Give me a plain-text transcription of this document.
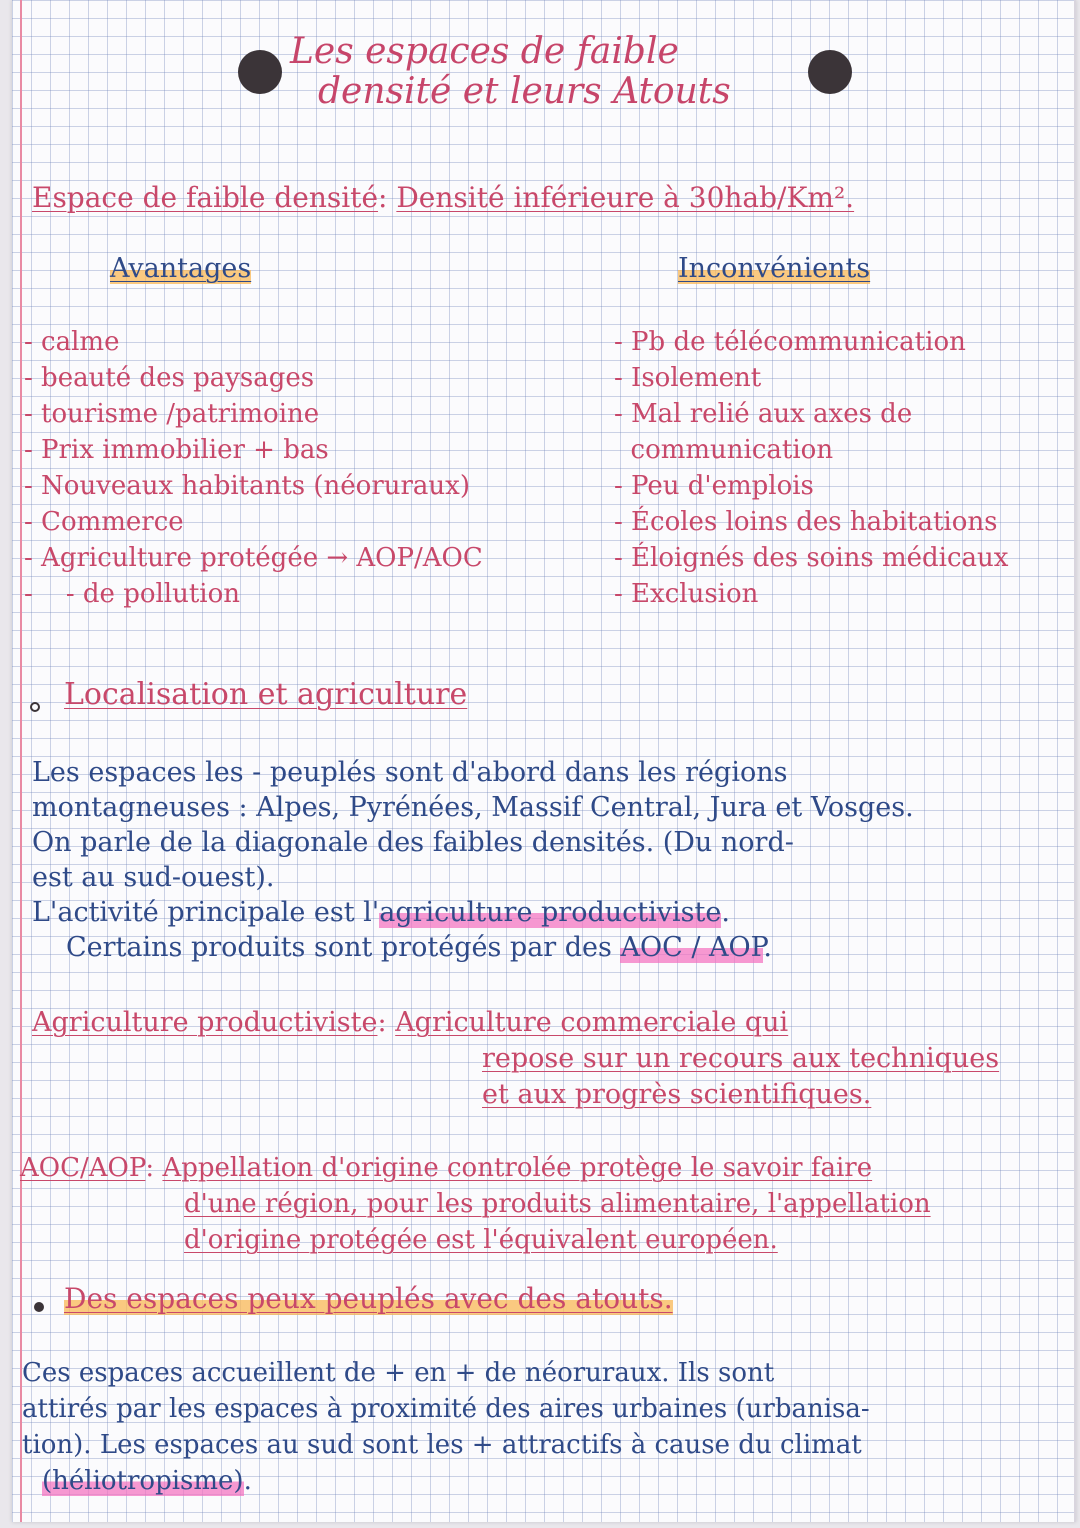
Les espaces de faible
densité et leurs Atouts
Espace de faible densité: Densité inférieure à 30hab/Km².
Avantages	Inconvénients
- calme
- beauté des paysages
- tourisme /patrimoine
- Prix immobilier + bas
- Nouveaux habitants (néoruraux)
- Commerce
- Agriculture protégée → AOP/AOC
-    - de pollution
- Pb de télécommunication
- Isolement
- Mal relié aux axes de
communication
- Peu d'emplois
- Écoles loins des habitations
- Éloignés des soins médicaux
- Exclusion
Localisation et agriculture
Les espaces les - peuplés sont d'abord dans les régions
montagneuses : Alpes, Pyrénées, Massif Central, Jura et Vosges.
On parle de la diagonale des faibles densités. (Du nord-
est au sud-ouest).
L'activité principale est l'agriculture productiviste.
Certains produits sont protégés par des AOC / AOP.
Agriculture productiviste: Agriculture commerciale qui
repose sur un recours aux techniques
et aux progrès scientifiques.
AOC/AOP: Appellation d'origine controlée protège le savoir faire
d'une région, pour les produits alimentaire, l'appellation
d'origine protégée est l'équivalent européen.
Des espaces peux peuplés avec des atouts.
Ces espaces accueillent de + en + de néoruraux. Ils sont
attirés par les espaces à proximité des aires urbaines (urbanisa-
tion). Les espaces au sud sont les + attractifs à cause du climat
(héliotropisme).
